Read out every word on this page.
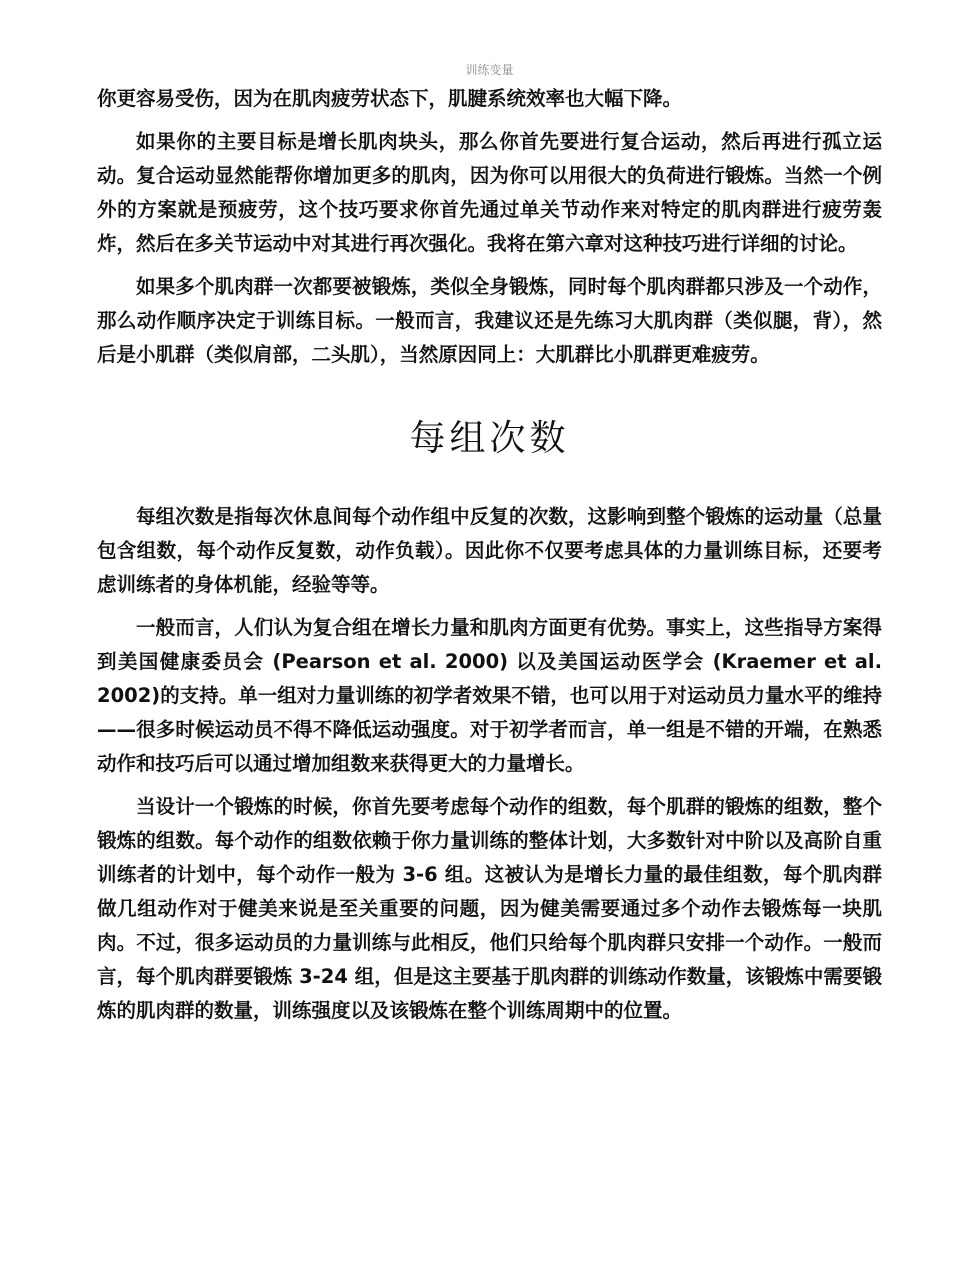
训练变量

你更容易受伤，因为在肌肉疲劳状态下，肌腱系统效率也大幅下降。

如果你的主要目标是增长肌肉块头，那么你首先要进行复合运动，然后再进行孤立运动。复合运动显然能帮你增加更多的肌肉，因为你可以用很大的负荷进行锻炼。当然一个例外的方案就是预疲劳，这个技巧要求你首先通过单关节动作来对特定的肌肉群进行疲劳轰炸，然后在多关节运动中对其进行再次强化。我将在第六章对这种技巧进行详细的讨论。

如果多个肌肉群一次都要被锻炼，类似全身锻炼，同时每个肌肉群都只涉及一个动作，那么动作顺序决定于训练目标。一般而言，我建议还是先练习大肌肉群（类似腿，背），然后是小肌群（类似肩部，二头肌），当然原因同上：大肌群比小肌群更难疲劳。

每组次数

每组次数是指每次休息间每个动作组中反复的次数，这影响到整个锻炼的运动量（总量包含组数，每个动作反复数，动作负载）。因此你不仅要考虑具体的力量训练目标，还要考虑训练者的身体机能，经验等等。

一般而言，人们认为复合组在增长力量和肌肉方面更有优势。事实上，这些指导方案得到美国健康委员会 (Pearson et al. 2000) 以及美国运动医学会 (Kraemer et al. 2002)的支持。单一组对力量训练的初学者效果不错，也可以用于对运动员力量水平的维持——很多时候运动员不得不降低运动强度。对于初学者而言，单一组是不错的开端，在熟悉动作和技巧后可以通过增加组数来获得更大的力量增长。

当设计一个锻炼的时候，你首先要考虑每个动作的组数，每个肌群的锻炼的组数，整个锻炼的组数。每个动作的组数依赖于你力量训练的整体计划，大多数针对中阶以及高阶自重训练者的计划中，每个动作一般为 3-6 组。这被认为是增长力量的最佳组数，每个肌肉群做几组动作对于健美来说是至关重要的问题，因为健美需要通过多个动作去锻炼每一块肌肉。不过，很多运动员的力量训练与此相反，他们只给每个肌肉群只安排一个动作。一般而言，每个肌肉群要锻炼 3-24 组，但是这主要基于肌肉群的训练动作数量，该锻炼中需要锻炼的肌肉群的数量，训练强度以及该锻炼在整个训练周期中的位置。
